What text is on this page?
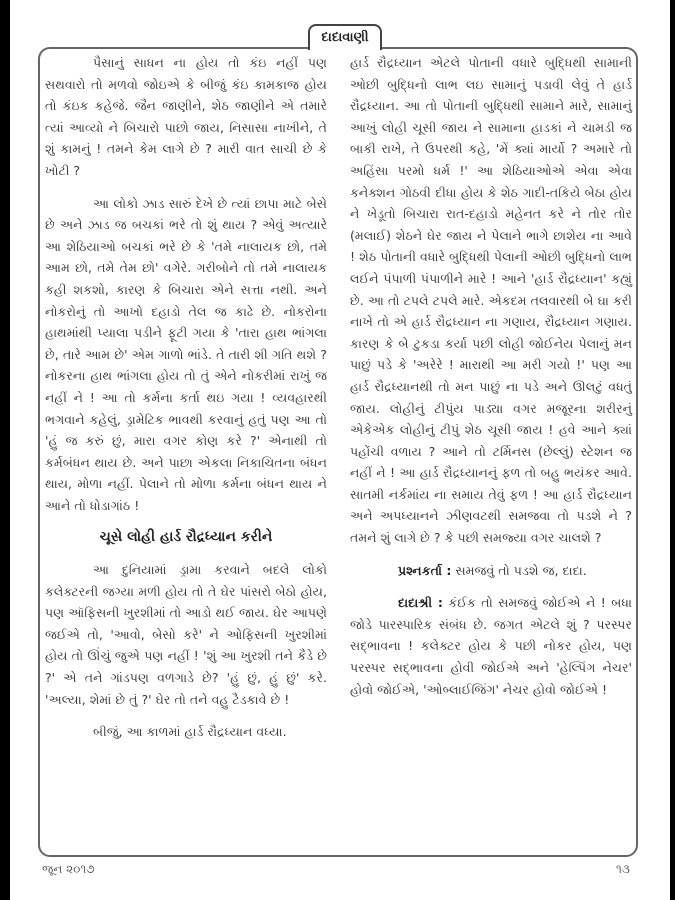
દાદાવાણી

પૈસાનું સાધન ના હોય તો કંઇ નહીં પણ સથવારો તો મળવો જોઇએ કે બીજું કંઇ કામકાજ હોય તો કંઇક કહેજે. જૈન જાણીને, શેઠ જાણીને એ તમારે ત્યાં આવ્યો ને બિચારો પાછો જાય, નિસાસા નાખીને, તે શું કામનું ! તમને કેમ લાગે છે ? મારી વાત સાચી છે કે ખોટી ?

આ લોકો ઝાડ સારું દેખે છે ત્યાં છાપા માટે બેસે છે અને ઝાડ જ બચકાં ભરે તો શું થાય ? એવું અત્યારે આ શેઠિયાઓ બચકાં ભરે છે કે 'તમે નાલાયક છો, તમે આમ છો, તમે તેમ છો' વગેરે. ગરીબોને તો તમે નાલાયક કહી શકશો, કારણ કે બિચારા એને સત્તા નથી. અને નોકરોનું તો આખો દહાડો તેલ જ કાઢે છે. નોકરોના હાથમાંથી પ્યાલા પડીને ફૂટી ગયા કે 'તારા હાથ ભાંગલા છે, તારે આમ છે' એમ ગાળો ભાંડે. તે તારી શી ગતિ થશે ? નોકરના હાથ ભાંગલા હોય તો તું એને નોકરીમાં રાખું જ નહીં ને ! આ તો કર્મના કર્તા થઇ ગયા ! વ્યવહારથી ભગવાને કહેલું, ડ્રામેટિક ભાવથી કરવાનું હતું પણ આ તો 'હું જ કરું છું, મારા વગર કોણ કરે ?' એનાથી તો કર્મબંધન થાય છે. અને પાછા એકલા નિકાચિતના બંધન થાય, મોળા નહીં. પેલાને તો મોળા કર્મના બંધન થાય ને આને તો ધોડાગાંઠ !

ચૂસે લોહી હાર્ડ રૌદ્રધ્યાન કરીને

આ દુનિયામાં ડ્રામા કરવાને બદલે લોકો કલેક્ટરની જગ્યા મળી હોય તો તે ઘેર પાંસરો બેઠો હોય, પણ ઑફિસની ખુરશીમાં તો આડો થઈ જાય. ઘેર આપણે જઈએ તો, 'આવો, બેસો કરે' ને ઓફિસની ખુરશીમાં હોય તો ઊંચું જુએ પણ નહીં ! 'શું આ ખુરશી તને કૈડે છે ?' એ તને ગાંડપણ વળગાડે છે? 'હું છું, હું છું' કરે. 'અલ્યા, શેમાં છે તું ?' ઘેર તો તને વહુ ટૈડકાવે છે !

બીજું, આ કાળમાં હાર્ડ રૌદ્રધ્યાન વધ્યા.

હાર્ડ રૌદ્રધ્યાન એટલે પોતાની વધારે બુદ્ધિથી સામાની ઓછી બુદ્ધિનો લાભ લઇ સામાનું પડાવી લેવું તે હાર્ડ રૌદ્રધ્યાન. આ તો પોતાની બુદ્ધિથી સામાને મારે, સામાનું આખું લોહી ચૂસી જાય ને સામાના હાડકાં ને ચામડી જ બાકી રાખે, તે ઉપરથી કહે, 'મેં ક્યાં માર્યો ? અમારે તો અહિંસા પરમો ધર્મ !' આ શેઠિયાઓએ એવા એવા કનેક્શન ગોઠવી દીધા હોય કે શેઠ ગાદી-તકિયે બેઠા હોય ને ખેડૂતો બિચારા રાત-દહાડો મહેનત કરે ને તોર તોર (મલાઈ) શેઠને ઘેર જાય ને પેલાને ભાગે છાશેય ના આવે ! શેઠ પોતાની વધારે બુદ્ધિથી પેલાની ઓછી બુદ્ધિનો લાભ લઈને પંપાળી પંપાળીને મારે ! આને 'હાર્ડ રૌદ્રધ્યાન' કહ્યું છે. આ તો ટપલે ટપલે મારે. એકદમ તલવારથી બે ઘા કરી નાખે તો એ હાર્ડ રૌદ્રધ્યાન ના ગણાય, રૌદ્રધ્યાન ગણાય. કારણ કે બે ટુકડા કર્યા પછી લોહી જોઈનેય પેલાનું મન પાછું પડે કે 'અરેરે ! મારાથી આ મરી ગયો !' પણ આ હાર્ડ રૌદ્રધ્યાનથી તો મન પાછું ના પડે અને ઊલટું વધતું જાય. લોહીનું ટીપુંય પાડ્યા વગર મજૂરના શરીરનું એકેએક લોહીનું ટીપું શેઠ ચૂસી જાય ! હવે આને ક્યાં પહોંચી વળાય ? આને તો ટર્મિનસ (છેલ્લું) સ્ટેશન જ નહીં ને ! આ હાર્ડ રૌદ્રધ્યાનનું ફળ તો બહુ ભયંકર આવે. સાતમી નર્કમાંય ના સમાય તેવું ફળ ! આ હાર્ડ રૌદ્રધ્યાન અને અપધ્યાનને ઝીણવટથી સમજવા તો પડશે ને ? તમને શું લાગે છે ? કે પછી સમજ્યા વગર ચાલશે ?

પ્રશ્નકર્તા : સમજવું તો પડશે જ, દાદા.

દાદાશ્રી : કંઈક તો સમજવું જોઈએ ને ! બધા જોડે પારસ્પારિક સંબંધ છે. જગત એટલે શું ? પરસ્પર સદ્ભાવના ! કલેક્ટર હોય કે પછી નોકર હોય, પણ પરસ્પર સદ્ભાવના હોવી જોઈએ અને 'હેલ્પિંગ નેચર' હોવો જોઈએ, 'ઓબ્લાઈજિંગ' નેચર હોવો જોઈએ !

જૂન ૨૦૧૭	૧૩
